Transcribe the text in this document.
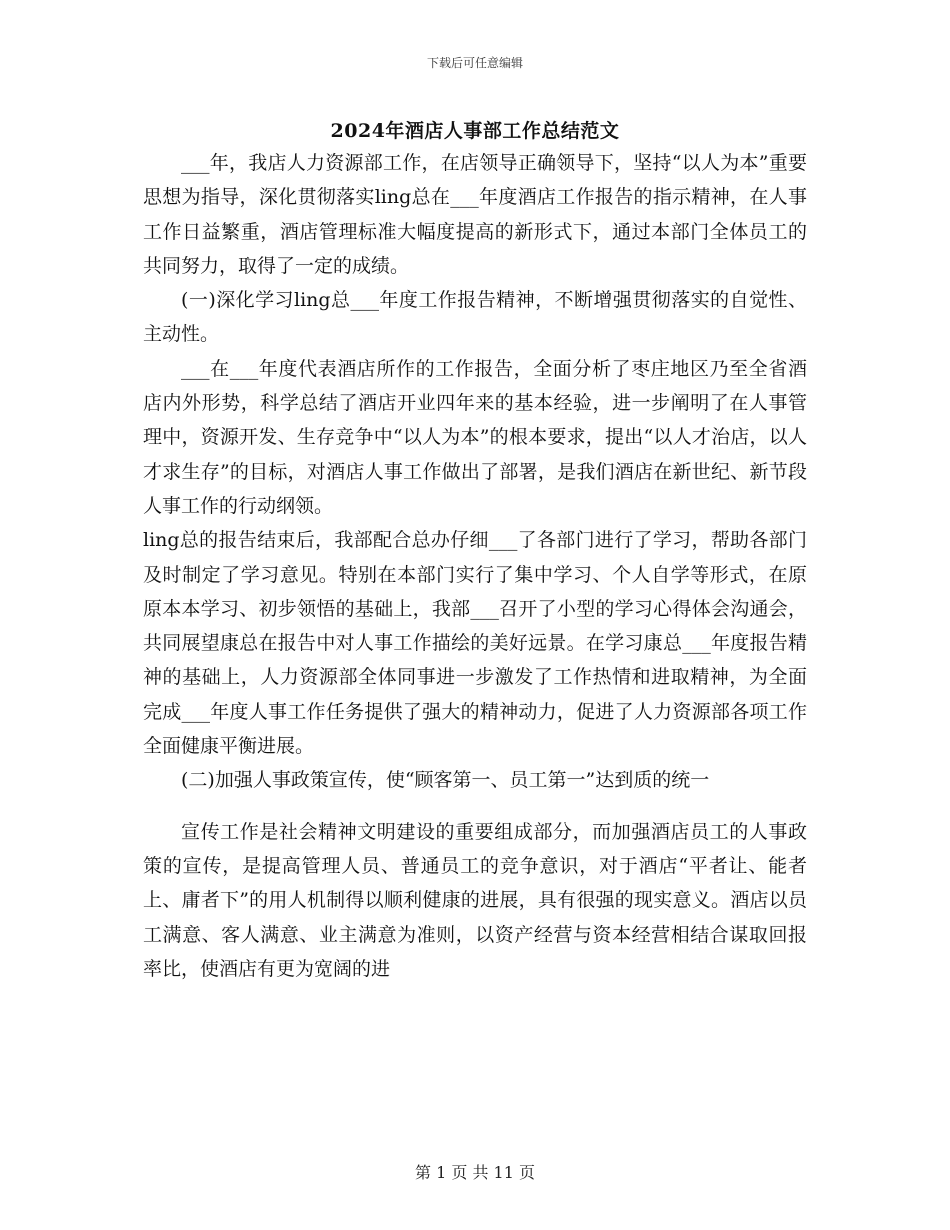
下载后可任意编辑
2024年酒店人事部工作总结范文

___年，我店人力资源部工作，在店领导正确领导下，坚持“以人为本”重要思想为指导，深化贯彻落实ling总在___年度酒店工作报告的指示精神，在人事工作日益繁重，酒店管理标准大幅度提高的新形式下，通过本部门全体员工的共同努力，取得了一定的成绩。

(一)深化学习ling总___年度工作报告精神，不断增强贯彻落实的自觉性、主动性。

___在___年度代表酒店所作的工作报告，全面分析了枣庄地区乃至全省酒店内外形势，科学总结了酒店开业四年来的基本经验，进一步阐明了在人事管理中，资源开发、生存竞争中“以人为本”的根本要求，提出“以人才治店，以人才求生存”的目标，对酒店人事工作做出了部署，是我们酒店在新世纪、新节段人事工作的行动纲领。

ling总的报告结束后，我部配合总办仔细___了各部门进行了学习，帮助各部门及时制定了学习意见。特别在本部门实行了集中学习、个人自学等形式，在原原本本学习、初步领悟的基础上，我部___召开了小型的学习心得体会沟通会，共同展望康总在报告中对人事工作描绘的美好远景。在学习康总___年度报告精神的基础上，人力资源部全体同事进一步激发了工作热情和进取精神，为全面完成___年度人事工作任务提供了强大的精神动力，促进了人力资源部各项工作全面健康平衡进展。

(二)加强人事政策宣传，使“顾客第一、员工第一”达到质的统一

宣传工作是社会精神文明建设的重要组成部分，而加强酒店员工的人事政策的宣传，是提高管理人员、普通员工的竞争意识，对于酒店“平者让、能者上、庸者下”的用人机制得以顺利健康的进展，具有很强的现实意义。酒店以员工满意、客人满意、业主满意为准则，以资产经营与资本经营相结合谋取回报率比，使酒店有更为宽阔的进

第 1 页 共 11 页
